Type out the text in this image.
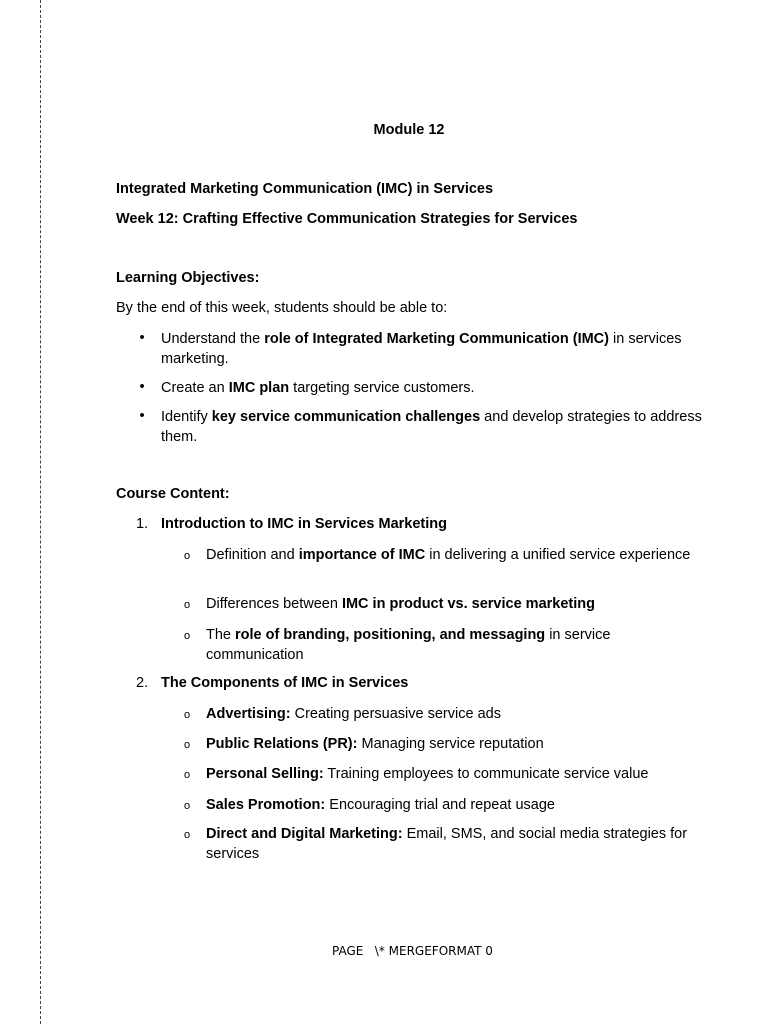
Module 12
Integrated Marketing Communication (IMC) in Services
Week 12: Crafting Effective Communication Strategies for Services
Learning Objectives:
By the end of this week, students should be able to:
• Understand the role of Integrated Marketing Communication (IMC) in services marketing.
• Create an IMC plan targeting service customers.
• Identify key service communication challenges and develop strategies to address them.
Course Content:
1. Introduction to IMC in Services Marketing
o Definition and importance of IMC in delivering a unified service experience
o Differences between IMC in product vs. service marketing
o The role of branding, positioning, and messaging in service communication
2. The Components of IMC in Services
o Advertising: Creating persuasive service ads
o Public Relations (PR): Managing service reputation
o Personal Selling: Training employees to communicate service value
o Sales Promotion: Encouraging trial and repeat usage
o Direct and Digital Marketing: Email, SMS, and social media strategies for services
PAGE   \* MERGEFORMAT 0
